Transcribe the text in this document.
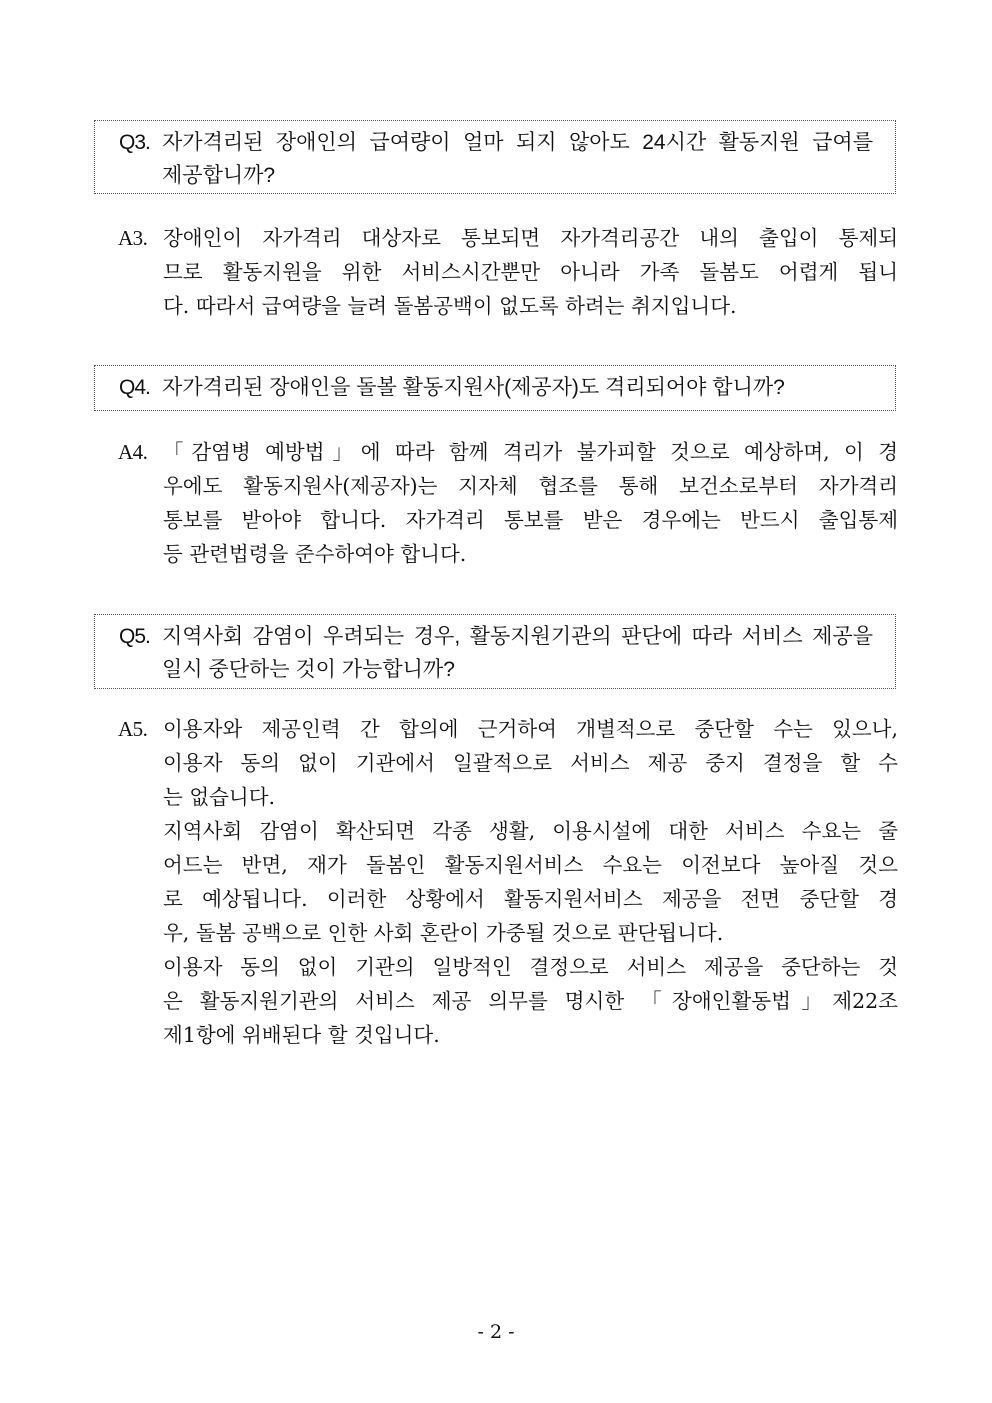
Q3. 자가격리된 장애인의 급여량이 얼마 되지 않아도 24시간 활동지원 급여를
제공합니까?
A3. 장애인이 자가격리 대상자로 통보되면 자가격리공간 내의 출입이 통제되
므로 활동지원을 위한 서비스시간뿐만 아니라 가족 돌봄도 어렵게 됩니
다. 따라서 급여량을 늘려 돌봄공백이 없도록 하려는 취지입니다.
Q4. 자가격리된 장애인을 돌볼 활동지원사(제공자)도 격리되어야 합니까?
A4. 「감염병 예방법」에 따라 함께 격리가 불가피할 것으로 예상하며, 이 경
우에도 활동지원사(제공자)는 지자체 협조를 통해 보건소로부터 자가격리
통보를 받아야 합니다. 자가격리 통보를 받은 경우에는 반드시 출입통제
등 관련법령을 준수하여야 합니다.
Q5. 지역사회 감염이 우려되는 경우, 활동지원기관의 판단에 따라 서비스 제공을
일시 중단하는 것이 가능합니까?
A5. 이용자와 제공인력 간 합의에 근거하여 개별적으로 중단할 수는 있으나,
이용자 동의 없이 기관에서 일괄적으로 서비스 제공 중지 결정을 할 수
는 없습니다.
지역사회 감염이 확산되면 각종 생활, 이용시설에 대한 서비스 수요는 줄
어드는 반면, 재가 돌봄인 활동지원서비스 수요는 이전보다 높아질 것으
로 예상됩니다. 이러한 상황에서 활동지원서비스 제공을 전면 중단할 경
우, 돌봄 공백으로 인한 사회 혼란이 가중될 것으로 판단됩니다.
이용자 동의 없이 기관의 일방적인 결정으로 서비스 제공을 중단하는 것
은 활동지원기관의 서비스 제공 의무를 명시한 「장애인활동법」제22조
제1항에 위배된다 할 것입니다.
- 2 -
